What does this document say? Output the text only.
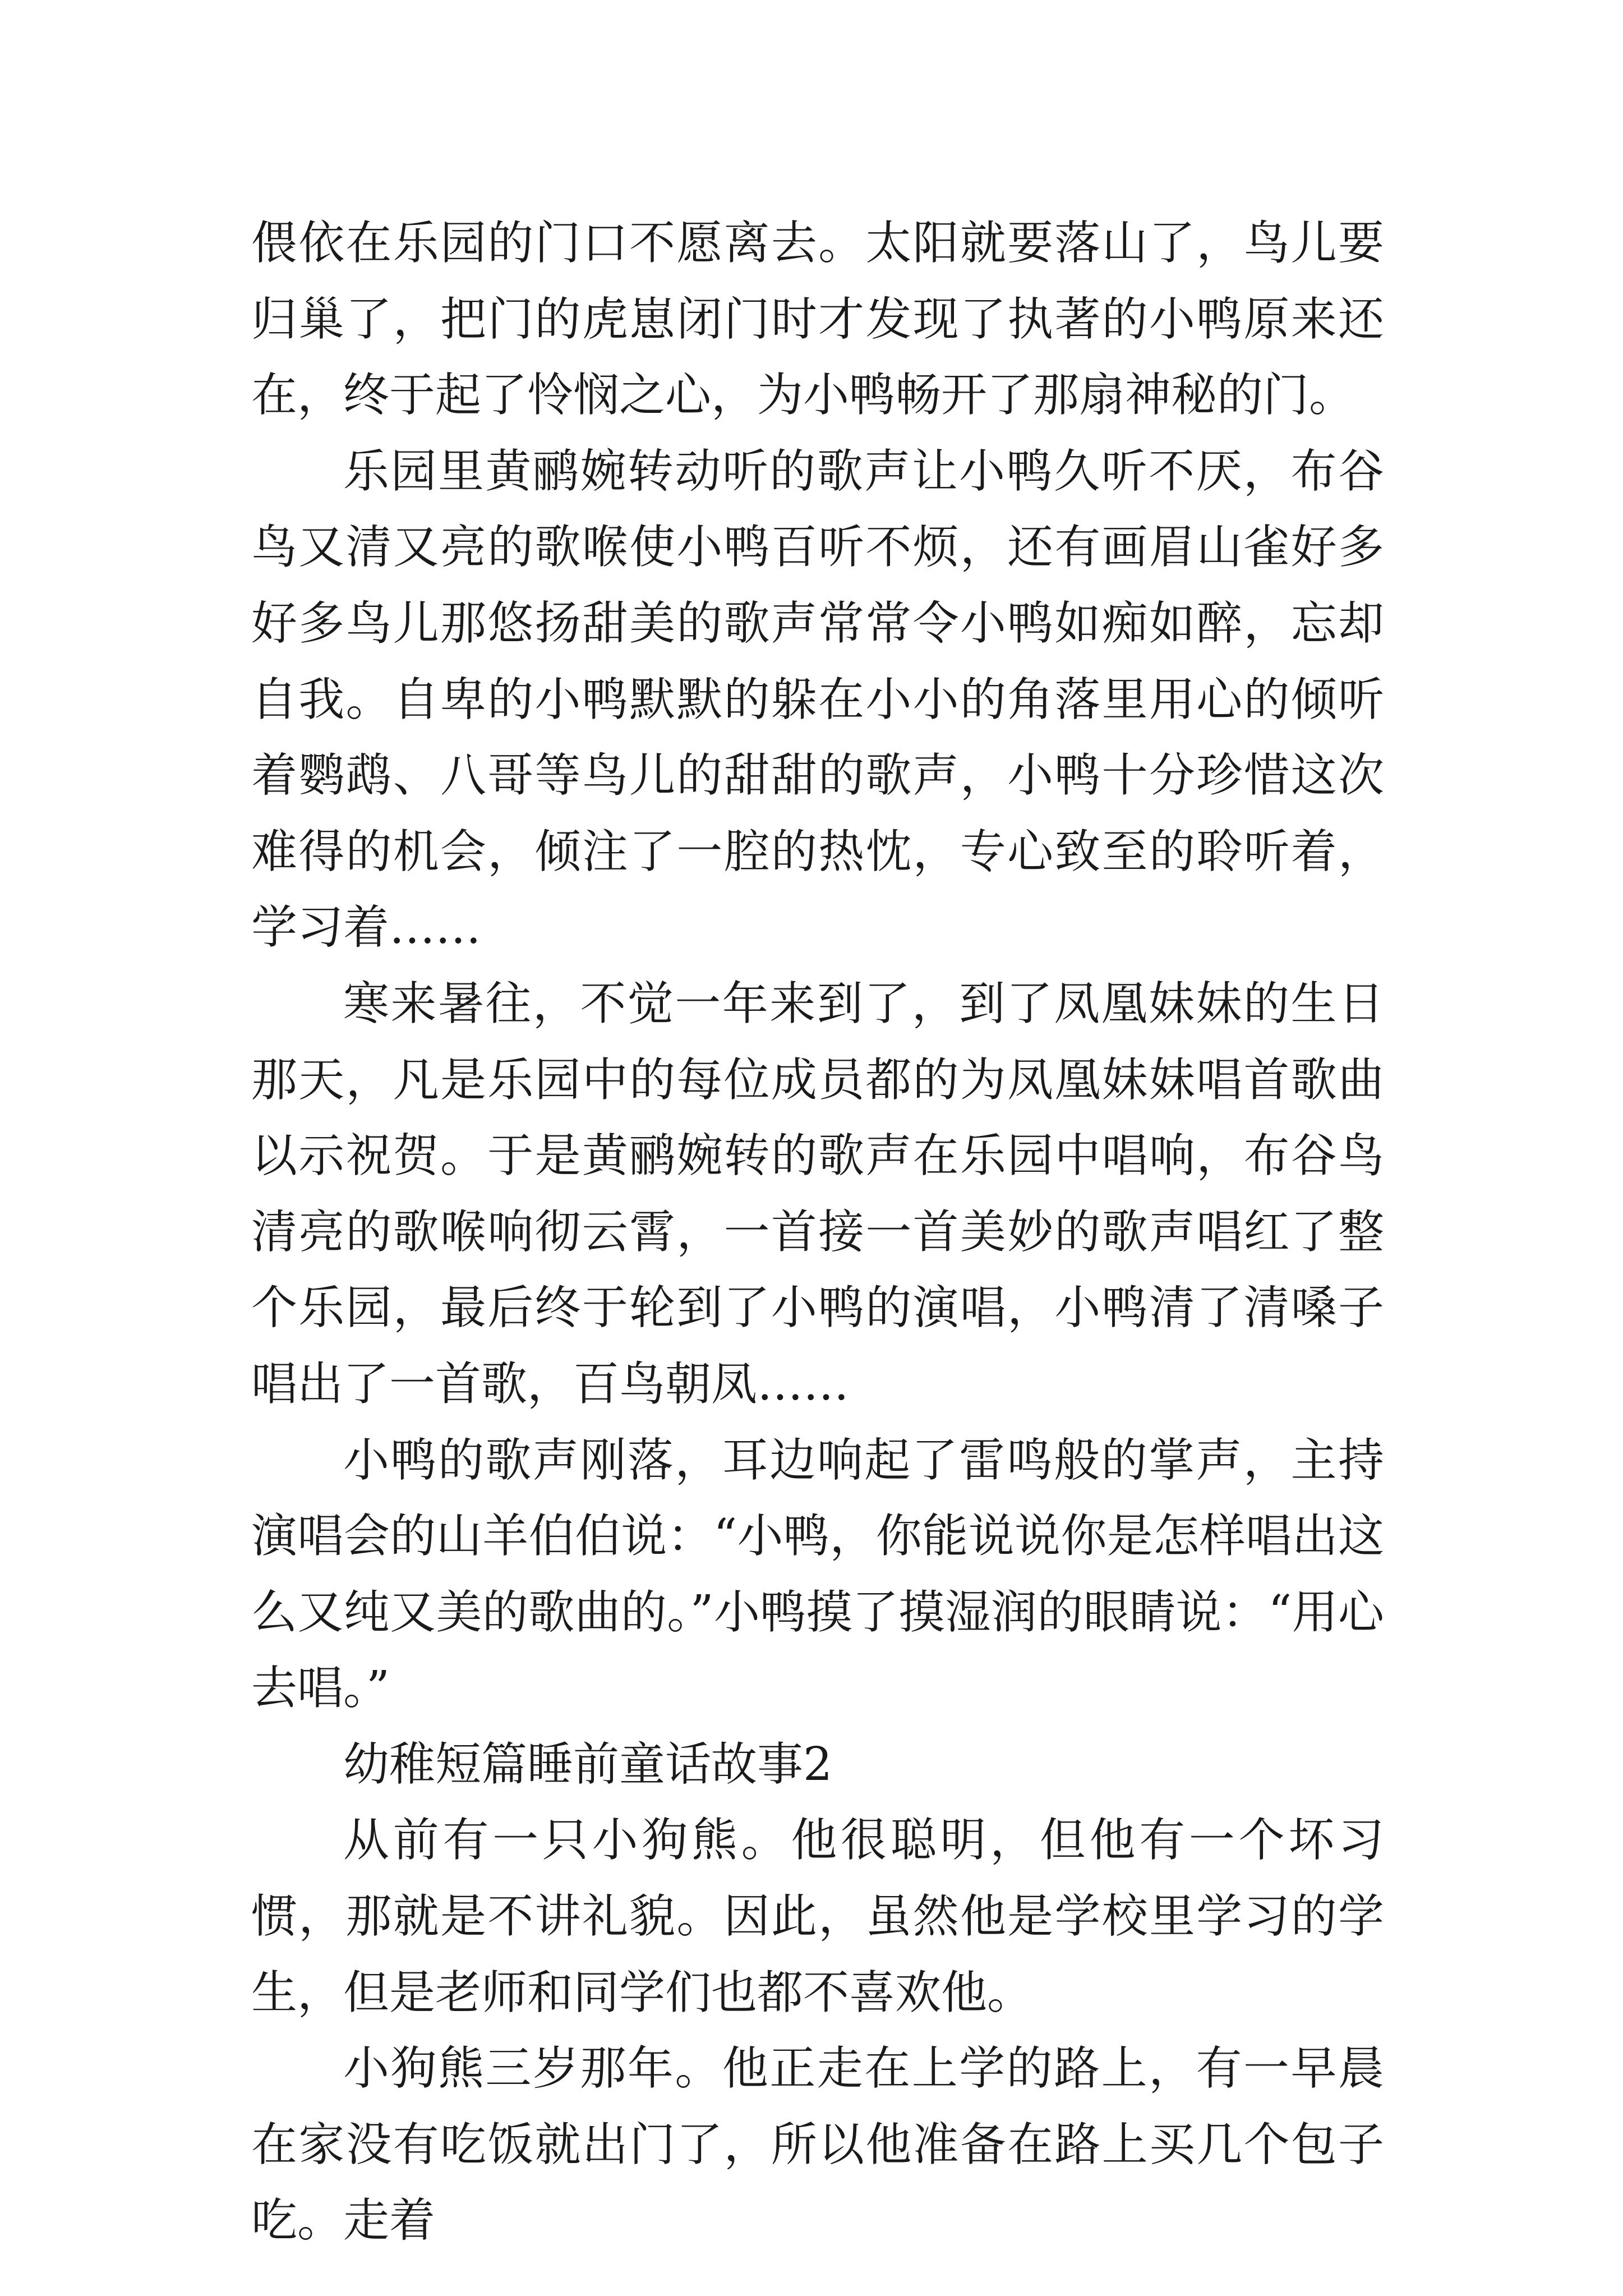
偎依在乐园的门口不愿离去。太阳就要落山了，鸟儿要归巢了，把门的虎崽闭门时才发现了执著的小鸭原来还在，终于起了怜悯之心，为小鸭畅开了那扇神秘的门。

乐园里黄鹂婉转动听的歌声让小鸭久听不厌，布谷鸟又清又亮的歌喉使小鸭百听不烦，还有画眉山雀好多好多鸟儿那悠扬甜美的歌声常常令小鸭如痴如醉，忘却自我。自卑的小鸭默默的躲在小小的角落里用心的倾听着鹦鹉、八哥等鸟儿的甜甜的歌声，小鸭十分珍惜这次难得的机会，倾注了一腔的热忱，专心致至的聆听着，学习着……

寒来暑往，不觉一年来到了，到了凤凰妹妹的生日那天，凡是乐园中的每位成员都的为凤凰妹妹唱首歌曲以示祝贺。于是黄鹂婉转的歌声在乐园中唱响，布谷鸟清亮的歌喉响彻云霄，一首接一首美妙的歌声唱红了整个乐园，最后终于轮到了小鸭的演唱，小鸭清了清嗓子唱出了一首歌，百鸟朝凤……

小鸭的歌声刚落，耳边响起了雷鸣般的掌声，主持演唱会的山羊伯伯说：“小鸭，你能说说你是怎样唱出这么又纯又美的歌曲的。”小鸭摸了摸湿润的眼睛说：“用心去唱。”

幼稚短篇睡前童话故事2

从前有一只小狗熊。他很聪明，但他有一个坏习惯，那就是不讲礼貌。因此，虽然他是学校里学习的学生，但是老师和同学们也都不喜欢他。

小狗熊三岁那年。他正走在上学的路上，有一早晨在家没有吃饭就出门了，所以他准备在路上买几个包子吃。走着
